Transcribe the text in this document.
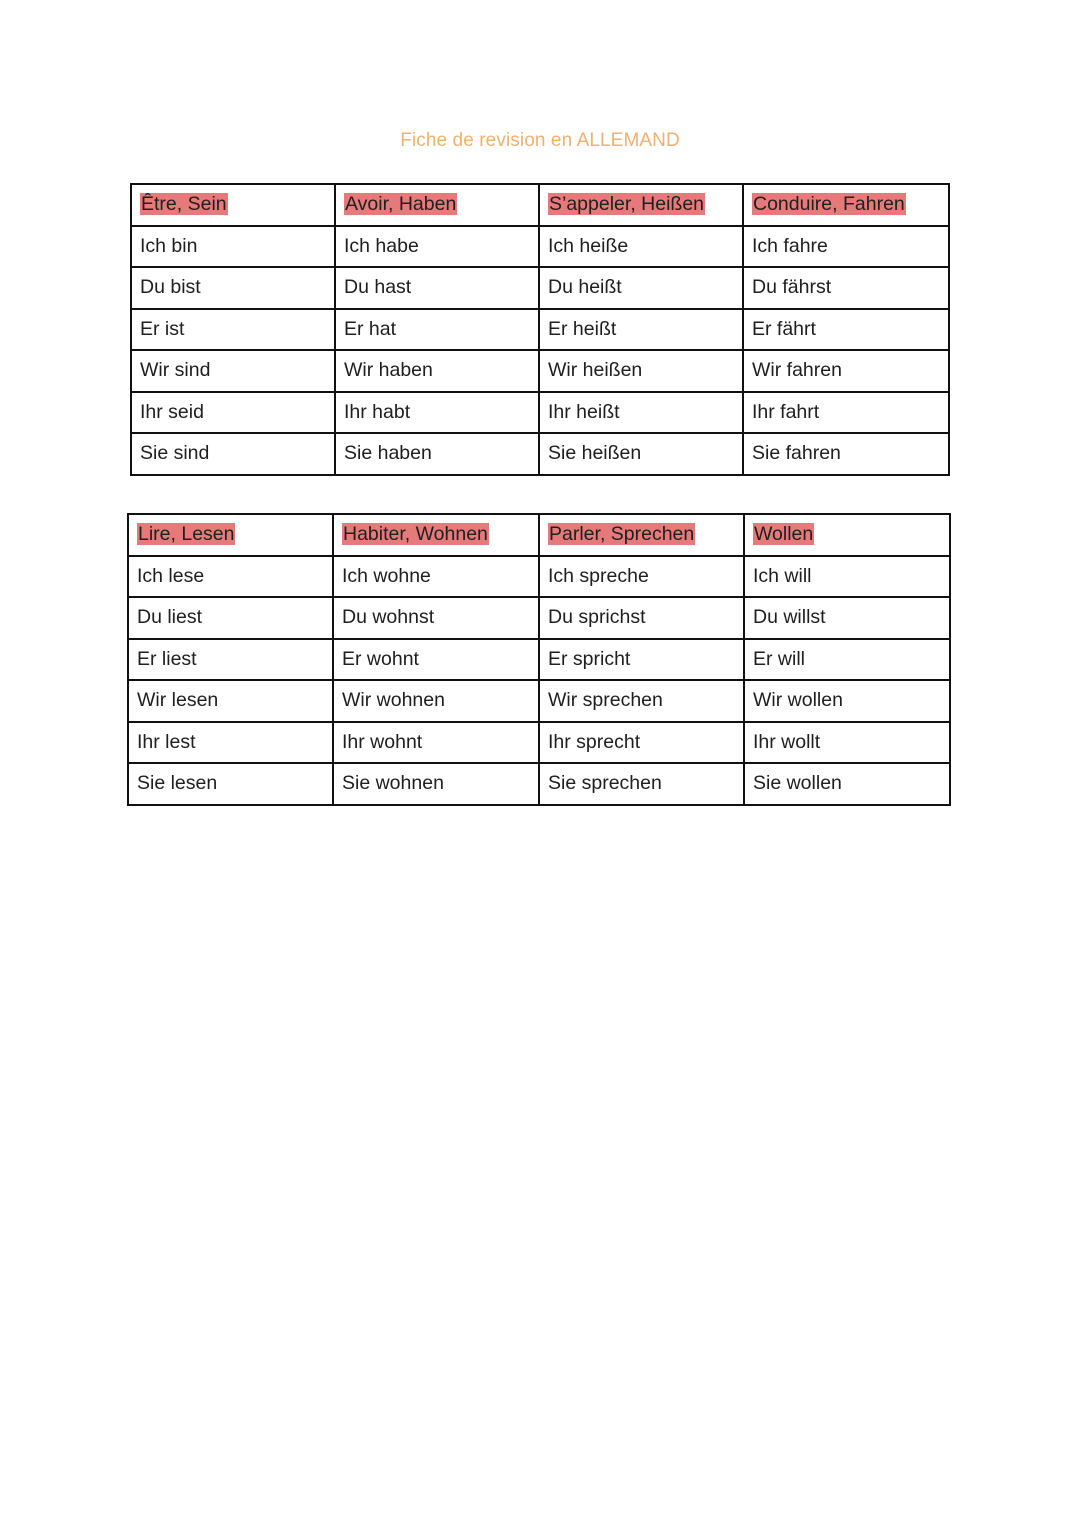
Fiche de revision en ALLEMAND
Être, Sein	Avoir, Haben	S’appeler, Heißen	Conduire, Fahren
Ich bin	Ich habe	Ich heiße	Ich fahre
Du bist	Du hast	Du heißt	Du fährst
Er ist	Er hat	Er heißt	Er fährt
Wir sind	Wir haben	Wir heißen	Wir fahren
Ihr seid	Ihr habt	Ihr heißt	Ihr fahrt
Sie sind	Sie haben	Sie heißen	Sie fahren
Lire, Lesen	Habiter, Wohnen	Parler, Sprechen	Wollen
Ich lese	Ich wohne	Ich spreche	Ich will
Du liest	Du wohnst	Du sprichst	Du willst
Er liest	Er wohnt	Er spricht	Er will
Wir lesen	Wir wohnen	Wir sprechen	Wir wollen
Ihr lest	Ihr wohnt	Ihr sprecht	Ihr wollt
Sie lesen	Sie wohnen	Sie sprechen	Sie wollen
